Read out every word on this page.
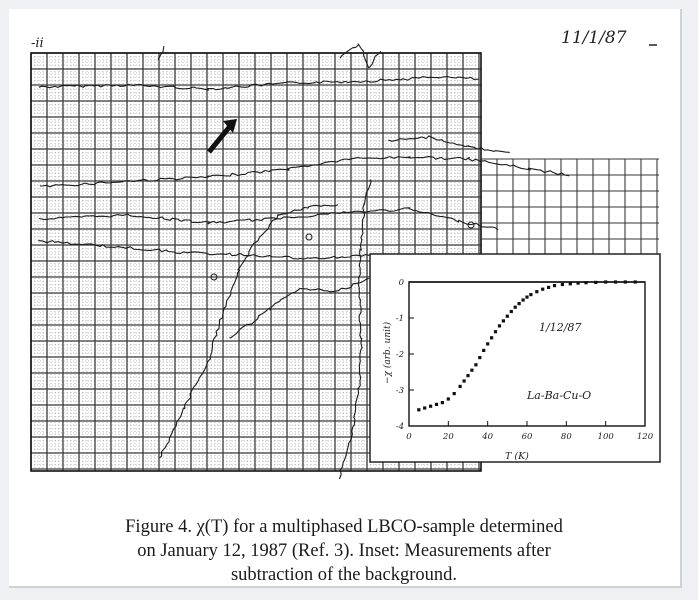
-ii	11/1/87
0	20	40	60	80	100	120
0
-1
-2
-3
-4
1/12/87
La-Ba-Cu-O
T (K)
−χ (arb. unit)
Figure 4. χ(T) for a multiphased LBCO-sample determined
on January 12, 1987 (Ref. 3). Inset: Measurements after
subtraction of the background.
